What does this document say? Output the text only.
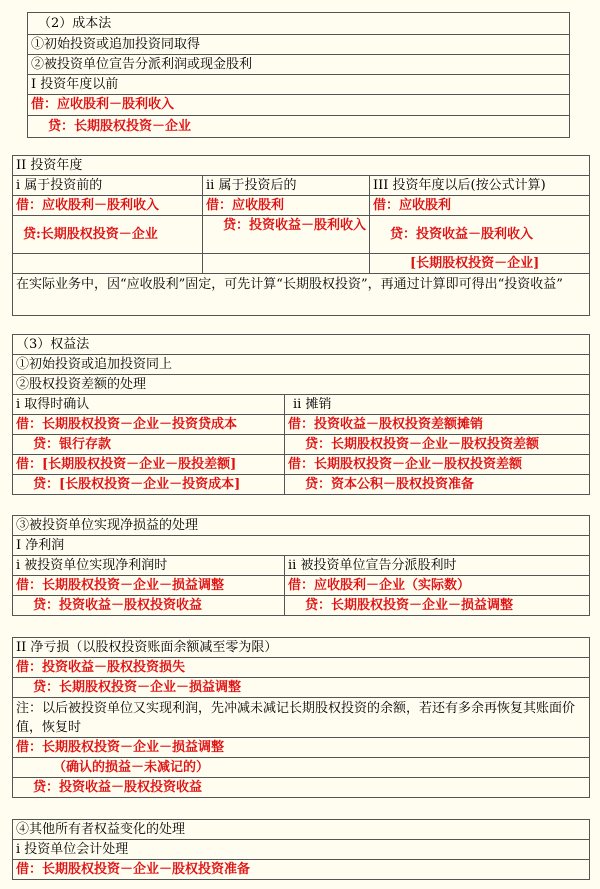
（2）成本法
①初始投资或追加投资同取得
②被投资单位宣告分派利润或现金股利
I 投资年度以前
借：应收股利－股利收入
贷：长期股权投资－企业
II 投资年度		
i 属于投资前的	ii 属于投资后的	III 投资年度以后(按公式计算)
借：应收股利－股利收入	借：应收股利	借：应收股利
贷:长期股权投资－企业	贷：投资收益－股利收入	贷：投资收益－股利收入
		[长期股权投资－企业]
在实际业务中，因“应收股利”固定，可先计算“长期股权投资”，再通过计算即可得出“投资收益”		
（3）权益法	
①初始投资或追加投资同上	
②股权投资差额的处理	
i 取得时确认	ii 摊销
借：长期股权投资－企业－投资贷成本	借：投资收益－股权投资差额摊销
贷：银行存款	贷：长期股权投资－企业－股权投资差额
借：[长期股权投资－企业－股投差额]	借：长期股权投资－企业－股权投资差额
贷：[长股权投资－企业－投资成本]	贷：资本公积－股权投资准备
③被投资单位实现净损益的处理	
I 净利润	
i 被投资单位实现净利润时	ii 被投资单位宣告分派股利时
借：长期股权投资－企业－损益调整	借：应收股利－企业（实际数）
贷：投资收益－股权投资收益	贷：长期股权投资－企业－损益调整
II 净亏损（以股权投资账面余额减至零为限）
借：投资收益－股权投资损失
贷：长期股权投资－企业－损益调整
注：以后被投资单位又实现利润，先冲减未减记长期股权投资的余额，若还有多余再恢复其账面价值，恢复时
借：长期股权投资－企业－损益调整
（确认的损益－未减记的）
贷：投资收益－股权投资收益
④其他所有者权益变化的处理
i 投资单位会计处理
借：长期股权投资－企业－股权投资准备
